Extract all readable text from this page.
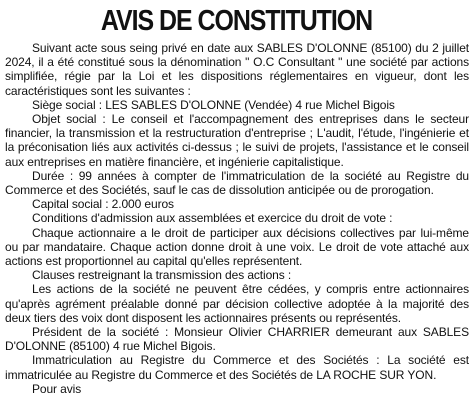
AVIS DE CONSTITUTION

Suivant acte sous seing privé en date aux SABLES D'OLONNE (85100) du 2 juillet 2024, il a été constitué sous la dénomination " O.C Consultant " une société par actions simplifiée, régie par la Loi et les dispositions réglementaires en vigueur, dont les caractéristiques sont les suivantes :

Siège social : LES SABLES D'OLONNE (Vendée) 4 rue Michel Bigois

Objet social : Le conseil et l'accompagnement des entreprises dans le secteur financier, la transmission et la restructuration d'entreprise ; L'audit, l'étude, l'ingénierie et la préconisation liés aux activités ci-dessus ; le suivi de projets, l'assistance et le conseil aux entreprises en matière financière, et ingénierie capitalistique.

Durée : 99 années à compter de l'immatriculation de la société au Registre du Commerce et des Sociétés, sauf le cas de dissolution anticipée ou de prorogation.

Capital social : 2.000 euros

Conditions d'admission aux assemblées et exercice du droit de vote :

Chaque actionnaire a le droit de participer aux décisions collectives par lui-même ou par mandataire. Chaque action donne droit à une voix. Le droit de vote attaché aux actions est proportionnel au capital qu'elles représentent.

Clauses restreignant la transmission des actions :

Les actions de la société ne peuvent être cédées, y compris entre actionnaires qu'après agrément préalable donné par décision collective adoptée à la majorité des deux tiers des voix dont disposent les actionnaires présents ou représentés.

Président de la société : Monsieur Olivier CHARRIER demeurant aux SABLES D'OLONNE (85100) 4 rue Michel Bigois.

Immatriculation au Registre du Commerce et des Sociétés : La société est immatriculée au Registre du Commerce et des Sociétés de LA ROCHE SUR YON.

Pour avis
